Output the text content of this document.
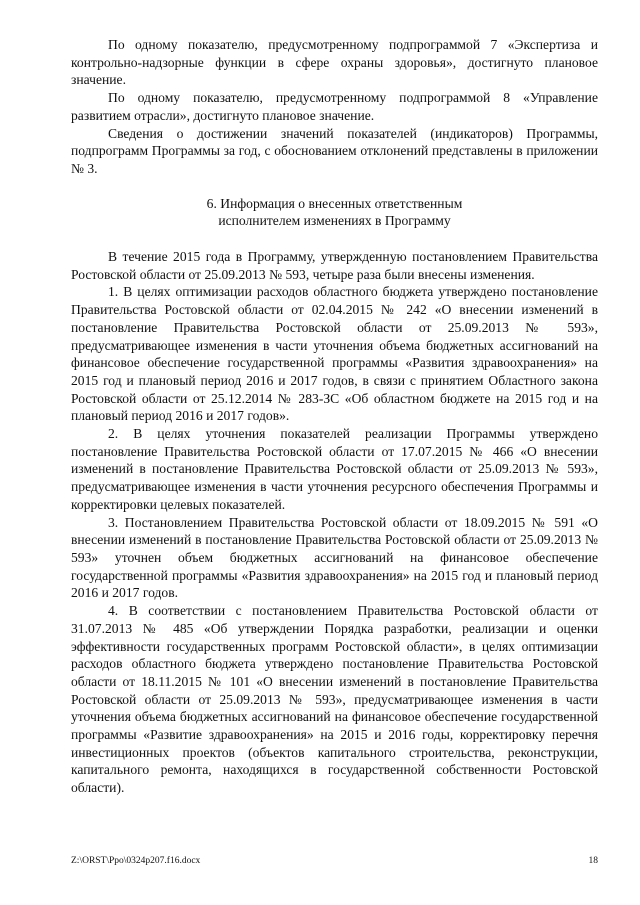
По одному показателю, предусмотренному подпрограммой 7 «Экспертиза и контрольно-надзорные функции в сфере охраны здоровья», достигнуто плановое значение.

По одному показателю, предусмотренному подпрограммой 8 «Управление развитием отрасли», достигнуто плановое значение.

Сведения о достижении значений показателей (индикаторов) Программы, подпрограмм Программы за год, с обоснованием отклонений представлены в приложении № 3.

6. Информация о внесенных ответственным
исполнителем изменениях в Программу

В течение 2015 года в Программу, утвержденную постановлением Правительства Ростовской области от 25.09.2013 № 593, четыре раза были внесены изменения.

1. В целях оптимизации расходов областного бюджета утверждено постановление Правительства Ростовской области от 02.04.2015 № 242 «О внесении изменений в постановление Правительства Ростовской области от 25.09.2013 № 593», предусматривающее изменения в части уточнения объема бюджетных ассигнований на финансовое обеспечение государственной программы «Развития здравоохранения» на 2015 год и плановый период 2016 и 2017 годов, в связи с принятием Областного закона Ростовской области от 25.12.2014 № 283-ЗС «Об областном бюджете на 2015 год и на плановый период 2016 и 2017 годов».

2. В целях уточнения показателей реализации Программы утверждено постановление Правительства Ростовской области от 17.07.2015 № 466 «О внесении изменений в постановление Правительства Ростовской области от 25.09.2013 № 593», предусматривающее изменения в части уточнения ресурсного обеспечения Программы и корректировки целевых показателей.

3. Постановлением Правительства Ростовской области от 18.09.2015 № 591 «О внесении изменений в постановление Правительства Ростовской области от 25.09.2013 № 593» уточнен объем бюджетных ассигнований на финансовое обеспечение государственной программы «Развития здравоохранения» на 2015 год и плановый период 2016 и 2017 годов.

4. В соответствии с постановлением Правительства Ростовской области от 31.07.2013 № 485 «Об утверждении Порядка разработки, реализации и оценки эффективности государственных программ Ростовской области», в целях оптимизации расходов областного бюджета утверждено постановление Правительства Ростовской области от 18.11.2015 № 101 «О внесении изменений в постановление Правительства Ростовской области от 25.09.2013 № 593», предусматривающее изменения в части уточнения объема бюджетных ассигнований на финансовое обеспечение государственной программы «Развитие здравоохранения» на 2015 и 2016 годы, корректировку перечня инвестиционных проектов (объектов капитального строительства, реконструкции, капитального ремонта, находящихся в государственной собственности Ростовской области).

Z:\ORST\Ppo\0324p207.f16.docx	18
